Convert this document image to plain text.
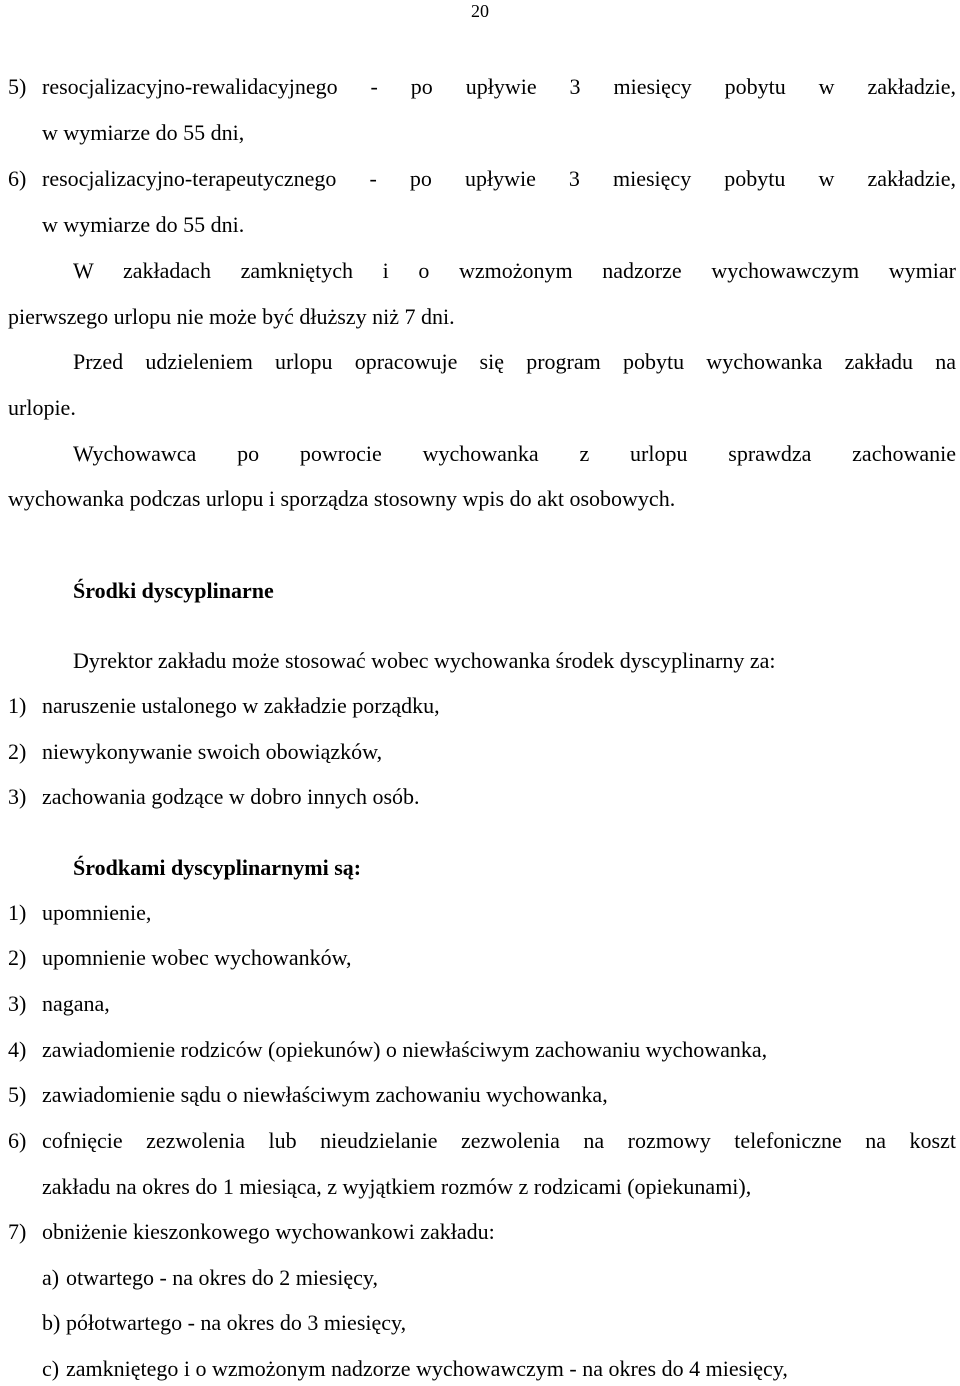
20
5) resocjalizacyjno-rewalidacyjnego - po upływie 3 miesięcy pobytu w zakładzie,
w wymiarze do 55 dni,
6) resocjalizacyjno-terapeutycznego - po upływie 3 miesięcy pobytu w zakładzie,
w wymiarze do 55 dni.
W zakładach zamkniętych i o wzmożonym nadzorze wychowawczym wymiar
pierwszego urlopu nie może być dłuższy niż 7 dni.
Przed udzieleniem urlopu opracowuje się program pobytu wychowanka zakładu na
urlopie.
Wychowawca po powrocie wychowanka z urlopu sprawdza zachowanie
wychowanka podczas urlopu i sporządza stosowny wpis do akt osobowych.
Środki dyscyplinarne
Dyrektor zakładu może stosować wobec wychowanka środek dyscyplinarny za:
1) naruszenie ustalonego w zakładzie porządku,
2) niewykonywanie swoich obowiązków,
3) zachowania godzące w dobro innych osób.
Środkami dyscyplinarnymi są:
1) upomnienie,
2) upomnienie wobec wychowanków,
3) nagana,
4) zawiadomienie rodziców (opiekunów) o niewłaściwym zachowaniu wychowanka,
5) zawiadomienie sądu o niewłaściwym zachowaniu wychowanka,
6) cofnięcie zezwolenia lub nieudzielanie zezwolenia na rozmowy telefoniczne na koszt
zakładu na okres do 1 miesiąca, z wyjątkiem rozmów z rodzicami (opiekunami),
7) obniżenie kieszonkowego wychowankowi zakładu:
a) otwartego - na okres do 2 miesięcy,
b) półotwartego - na okres do 3 miesięcy,
c) zamkniętego i o wzmożonym nadzorze wychowawczym - na okres do 4 miesięcy,
